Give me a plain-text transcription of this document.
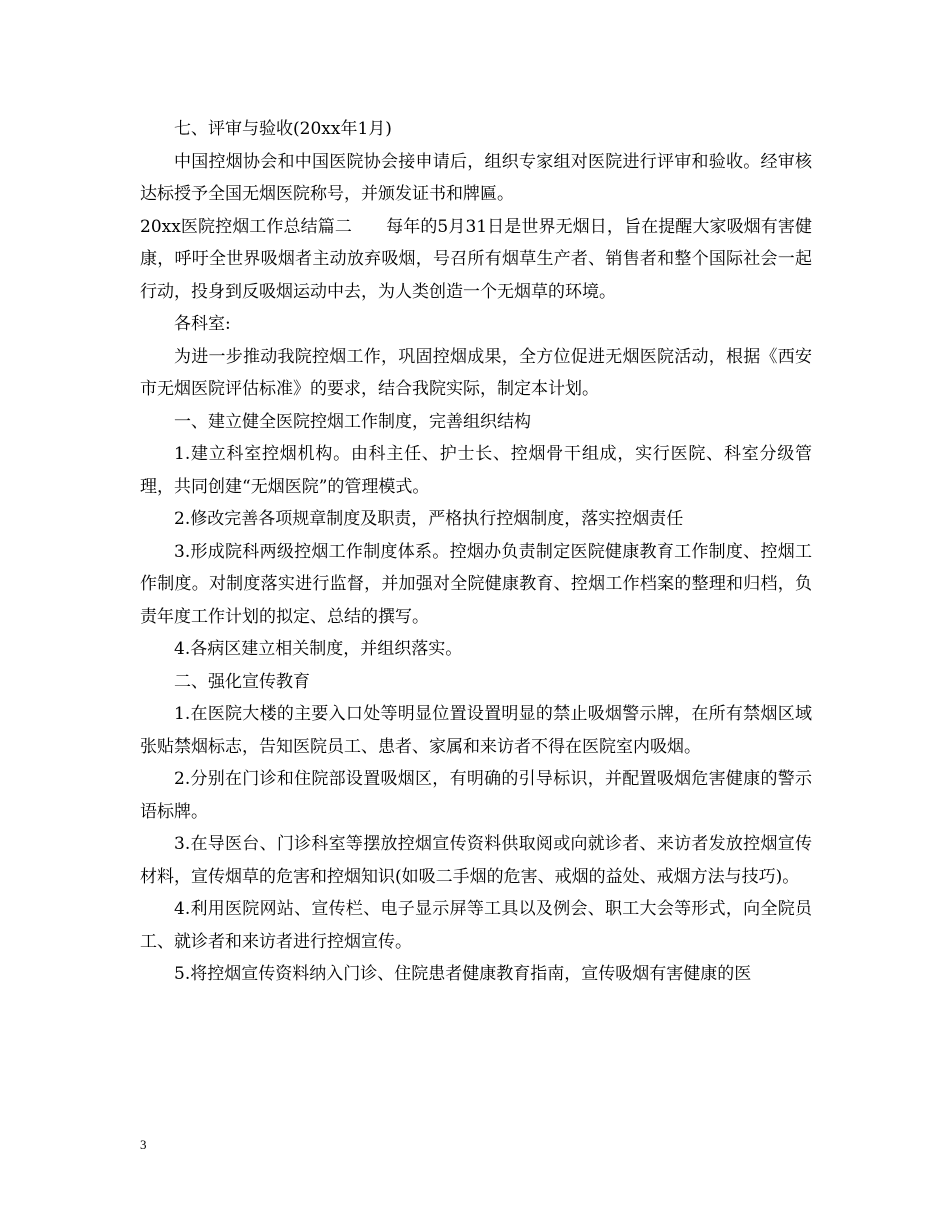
七、评审与验收(20xx年1月)

中国控烟协会和中国医院协会接申请后，组织专家组对医院进行评审和验收。经审核达标授予全国无烟医院称号，并颁发证书和牌匾。

20xx医院控烟工作总结篇二　　每年的5月31日是世界无烟日，旨在提醒大家吸烟有害健康，呼吁全世界吸烟者主动放弃吸烟，号召所有烟草生产者、销售者和整个国际社会一起行动，投身到反吸烟运动中去，为人类创造一个无烟草的环境。

各科室:

为进一步推动我院控烟工作，巩固控烟成果，全方位促进无烟医院活动，根据《西安市无烟医院评估标准》的要求，结合我院实际，制定本计划。

一、建立健全医院控烟工作制度，完善组织结构

1.建立科室控烟机构。由科主任、护士长、控烟骨干组成，实行医院、科室分级管理，共同创建“无烟医院”的管理模式。

2.修改完善各项规章制度及职责，严格执行控烟制度，落实控烟责任

3.形成院科两级控烟工作制度体系。控烟办负责制定医院健康教育工作制度、控烟工作制度。对制度落实进行监督，并加强对全院健康教育、控烟工作档案的整理和归档，负责年度工作计划的拟定、总结的撰写。

4.各病区建立相关制度，并组织落实。

二、强化宣传教育

1.在医院大楼的主要入口处等明显位置设置明显的禁止吸烟警示牌，在所有禁烟区域张贴禁烟标志，告知医院员工、患者、家属和来访者不得在医院室内吸烟。

2.分别在门诊和住院部设置吸烟区，有明确的引导标识，并配置吸烟危害健康的警示语标牌。

3.在导医台、门诊科室等摆放控烟宣传资料供取阅或向就诊者、来访者发放控烟宣传材料，宣传烟草的危害和控烟知识(如吸二手烟的危害、戒烟的益处、戒烟方法与技巧)。

4.利用医院网站、宣传栏、电子显示屏等工具以及例会、职工大会等形式，向全院员工、就诊者和来访者进行控烟宣传。

5.将控烟宣传资料纳入门诊、住院患者健康教育指南，宣传吸烟有害健康的医

3
